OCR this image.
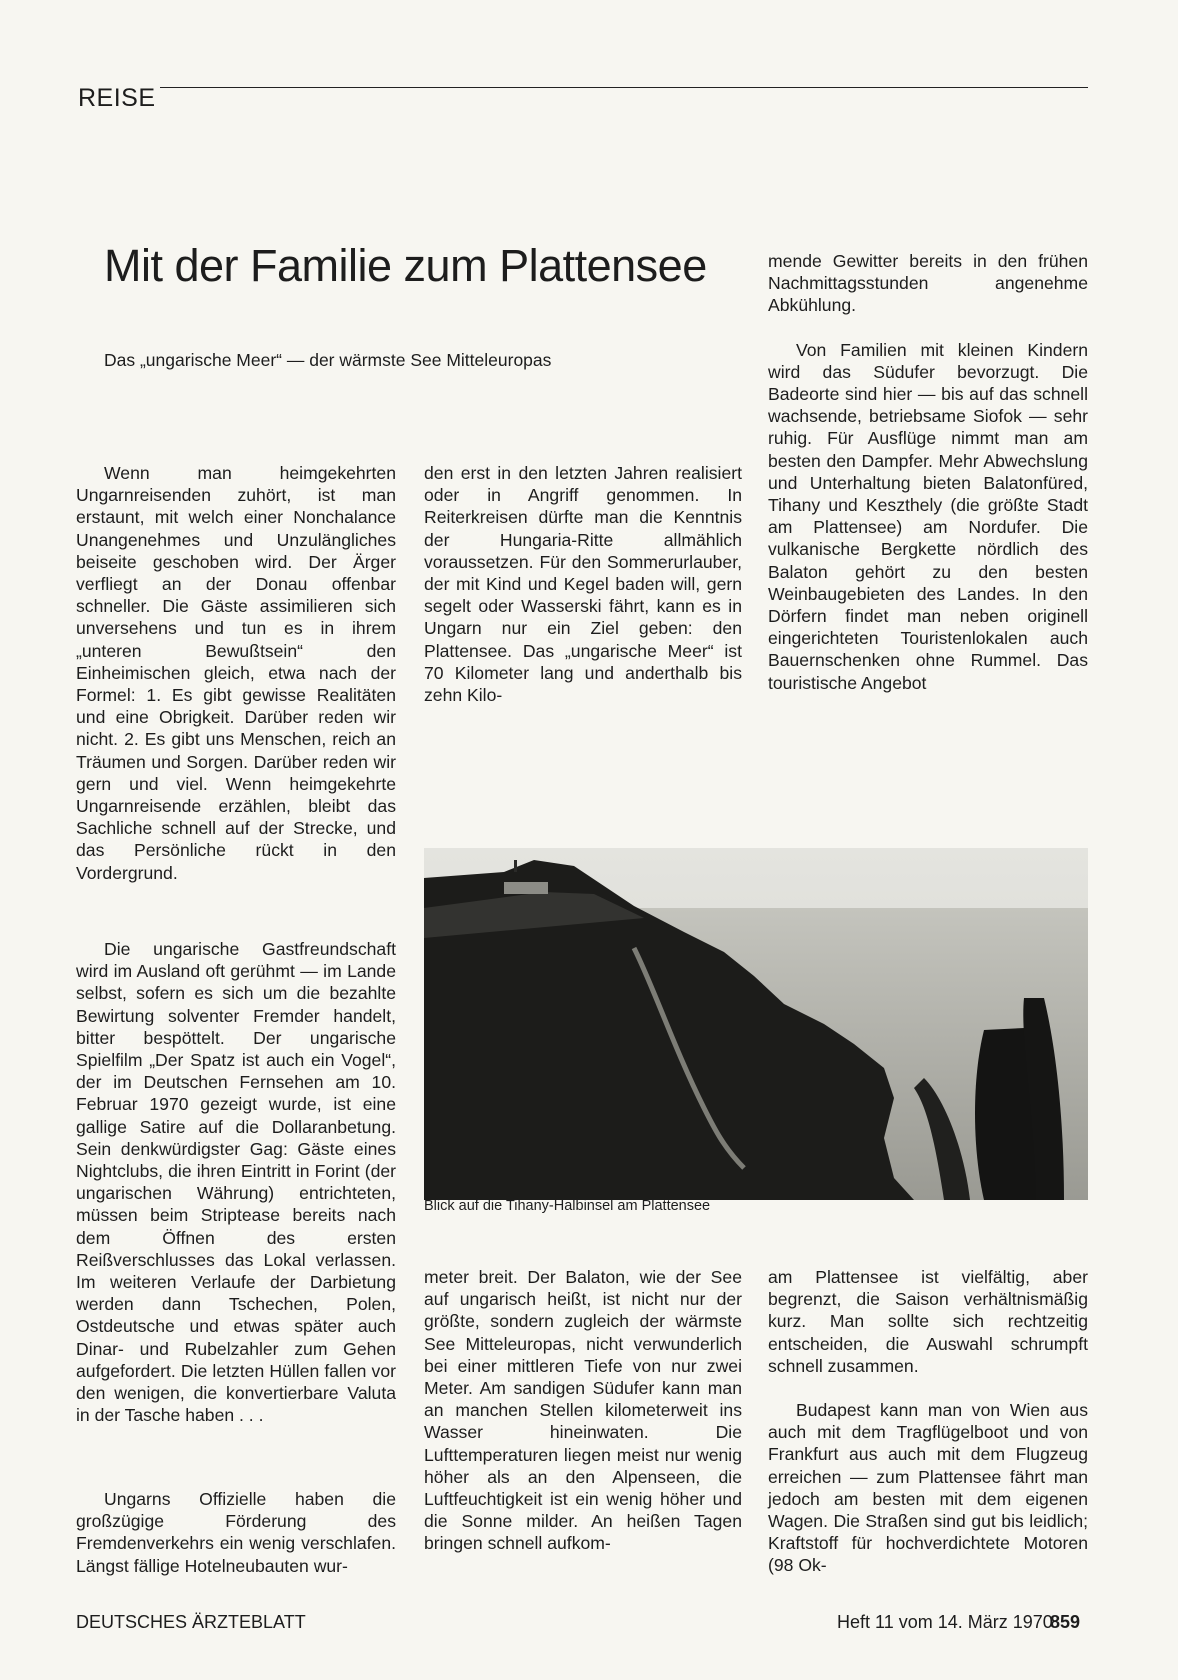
REISE
Mit der Familie zum Plattensee
Das „ungarische Meer“ — der wärmste See Mitteleuropas

mende Gewitter bereits in den frühen Nachmittagsstunden angenehme Abkühlung.

Von Familien mit kleinen Kindern wird das Südufer bevorzugt. Die Badeorte sind hier — bis auf das schnell wachsende, betriebsame Siofok — sehr ruhig. Für Ausflüge nimmt man am besten den Dampfer. Mehr Abwechslung und Unterhaltung bieten Balatonfüred, Tihany und Keszthely (die größte Stadt am Plattensee) am Nordufer. Die vulkanische Bergkette nördlich des Balaton gehört zu den besten Weinbaugebieten des Landes. In den Dörfern findet man neben originell eingerichteten Touristenlokalen auch Bauernschenken ohne Rummel. Das touristische Angebot

Wenn man heimgekehrten Ungarnreisenden zuhört, ist man erstaunt, mit welch einer Nonchalance Unangenehmes und Unzulängliches beiseite geschoben wird. Der Ärger verfliegt an der Donau offenbar schneller. Die Gäste assimilieren sich unversehens und tun es in ihrem „unteren Bewußtsein“ den Einheimischen gleich, etwa nach der Formel: 1. Es gibt gewisse Realitäten und eine Obrigkeit. Darüber reden wir nicht. 2. Es gibt uns Menschen, reich an Träumen und Sorgen. Darüber reden wir gern und viel. Wenn heimgekehrte Ungarnreisende erzählen, bleibt das Sachliche schnell auf der Strecke, und das Persönliche rückt in den Vordergrund.

den erst in den letzten Jahren realisiert oder in Angriff genommen. In Reiterkreisen dürfte man die Kenntnis der Hungaria-Ritte allmählich voraussetzen. Für den Sommerurlauber, der mit Kind und Kegel baden will, gern segelt oder Wasserski fährt, kann es in Ungarn nur ein Ziel geben: den Plattensee. Das „ungarische Meer“ ist 70 Kilometer lang und anderthalb bis zehn Kilo-

Die ungarische Gastfreundschaft wird im Ausland oft gerühmt — im Lande selbst, sofern es sich um die bezahlte Bewirtung solventer Fremder handelt, bitter bespöttelt. Der ungarische Spielfilm „Der Spatz ist auch ein Vogel“, der im Deutschen Fernsehen am 10. Februar 1970 gezeigt wurde, ist eine gallige Satire auf die Dollaranbetung. Sein denkwürdigster Gag: Gäste eines Nightclubs, die ihren Eintritt in Forint (der ungarischen Währung) entrichteten, müssen beim Striptease bereits nach dem Öffnen des ersten Reißverschlusses das Lokal verlassen. Im weiteren Verlaufe der Darbietung werden dann Tschechen, Polen, Ostdeutsche und etwas später auch Dinar- und Rubelzahler zum Gehen aufgefordert. Die letzten Hüllen fallen vor den wenigen, die konvertierbare Valuta in der Tasche haben . . .

Blick auf die Tihany-Halbinsel am Plattensee

meter breit. Der Balaton, wie der See auf ungarisch heißt, ist nicht nur der größte, sondern zugleich der wärmste See Mitteleuropas, nicht verwunderlich bei einer mittleren Tiefe von nur zwei Meter. Am sandigen Südufer kann man an manchen Stellen kilometerweit ins Wasser hineinwaten. Die Lufttemperaturen liegen meist nur wenig höher als an den Alpenseen, die Luftfeuchtigkeit ist ein wenig höher und die Sonne milder. An heißen Tagen bringen schnell aufkom-

am Plattensee ist vielfältig, aber begrenzt, die Saison verhältnismäßig kurz. Man sollte sich rechtzeitig entscheiden, die Auswahl schrumpft schnell zusammen.

Budapest kann man von Wien aus auch mit dem Tragflügelboot und von Frankfurt aus auch mit dem Flugzeug erreichen — zum Plattensee fährt man jedoch am besten mit dem eigenen Wagen. Die Straßen sind gut bis leidlich; Kraftstoff für hochverdichtete Motoren (98 Ok-

Ungarns Offizielle haben die großzügige Förderung des Fremdenverkehrs ein wenig verschlafen. Längst fällige Hotelneubauten wur-

DEUTSCHES ÄRZTEBLATT	Heft 11 vom 14. März 1970
859
